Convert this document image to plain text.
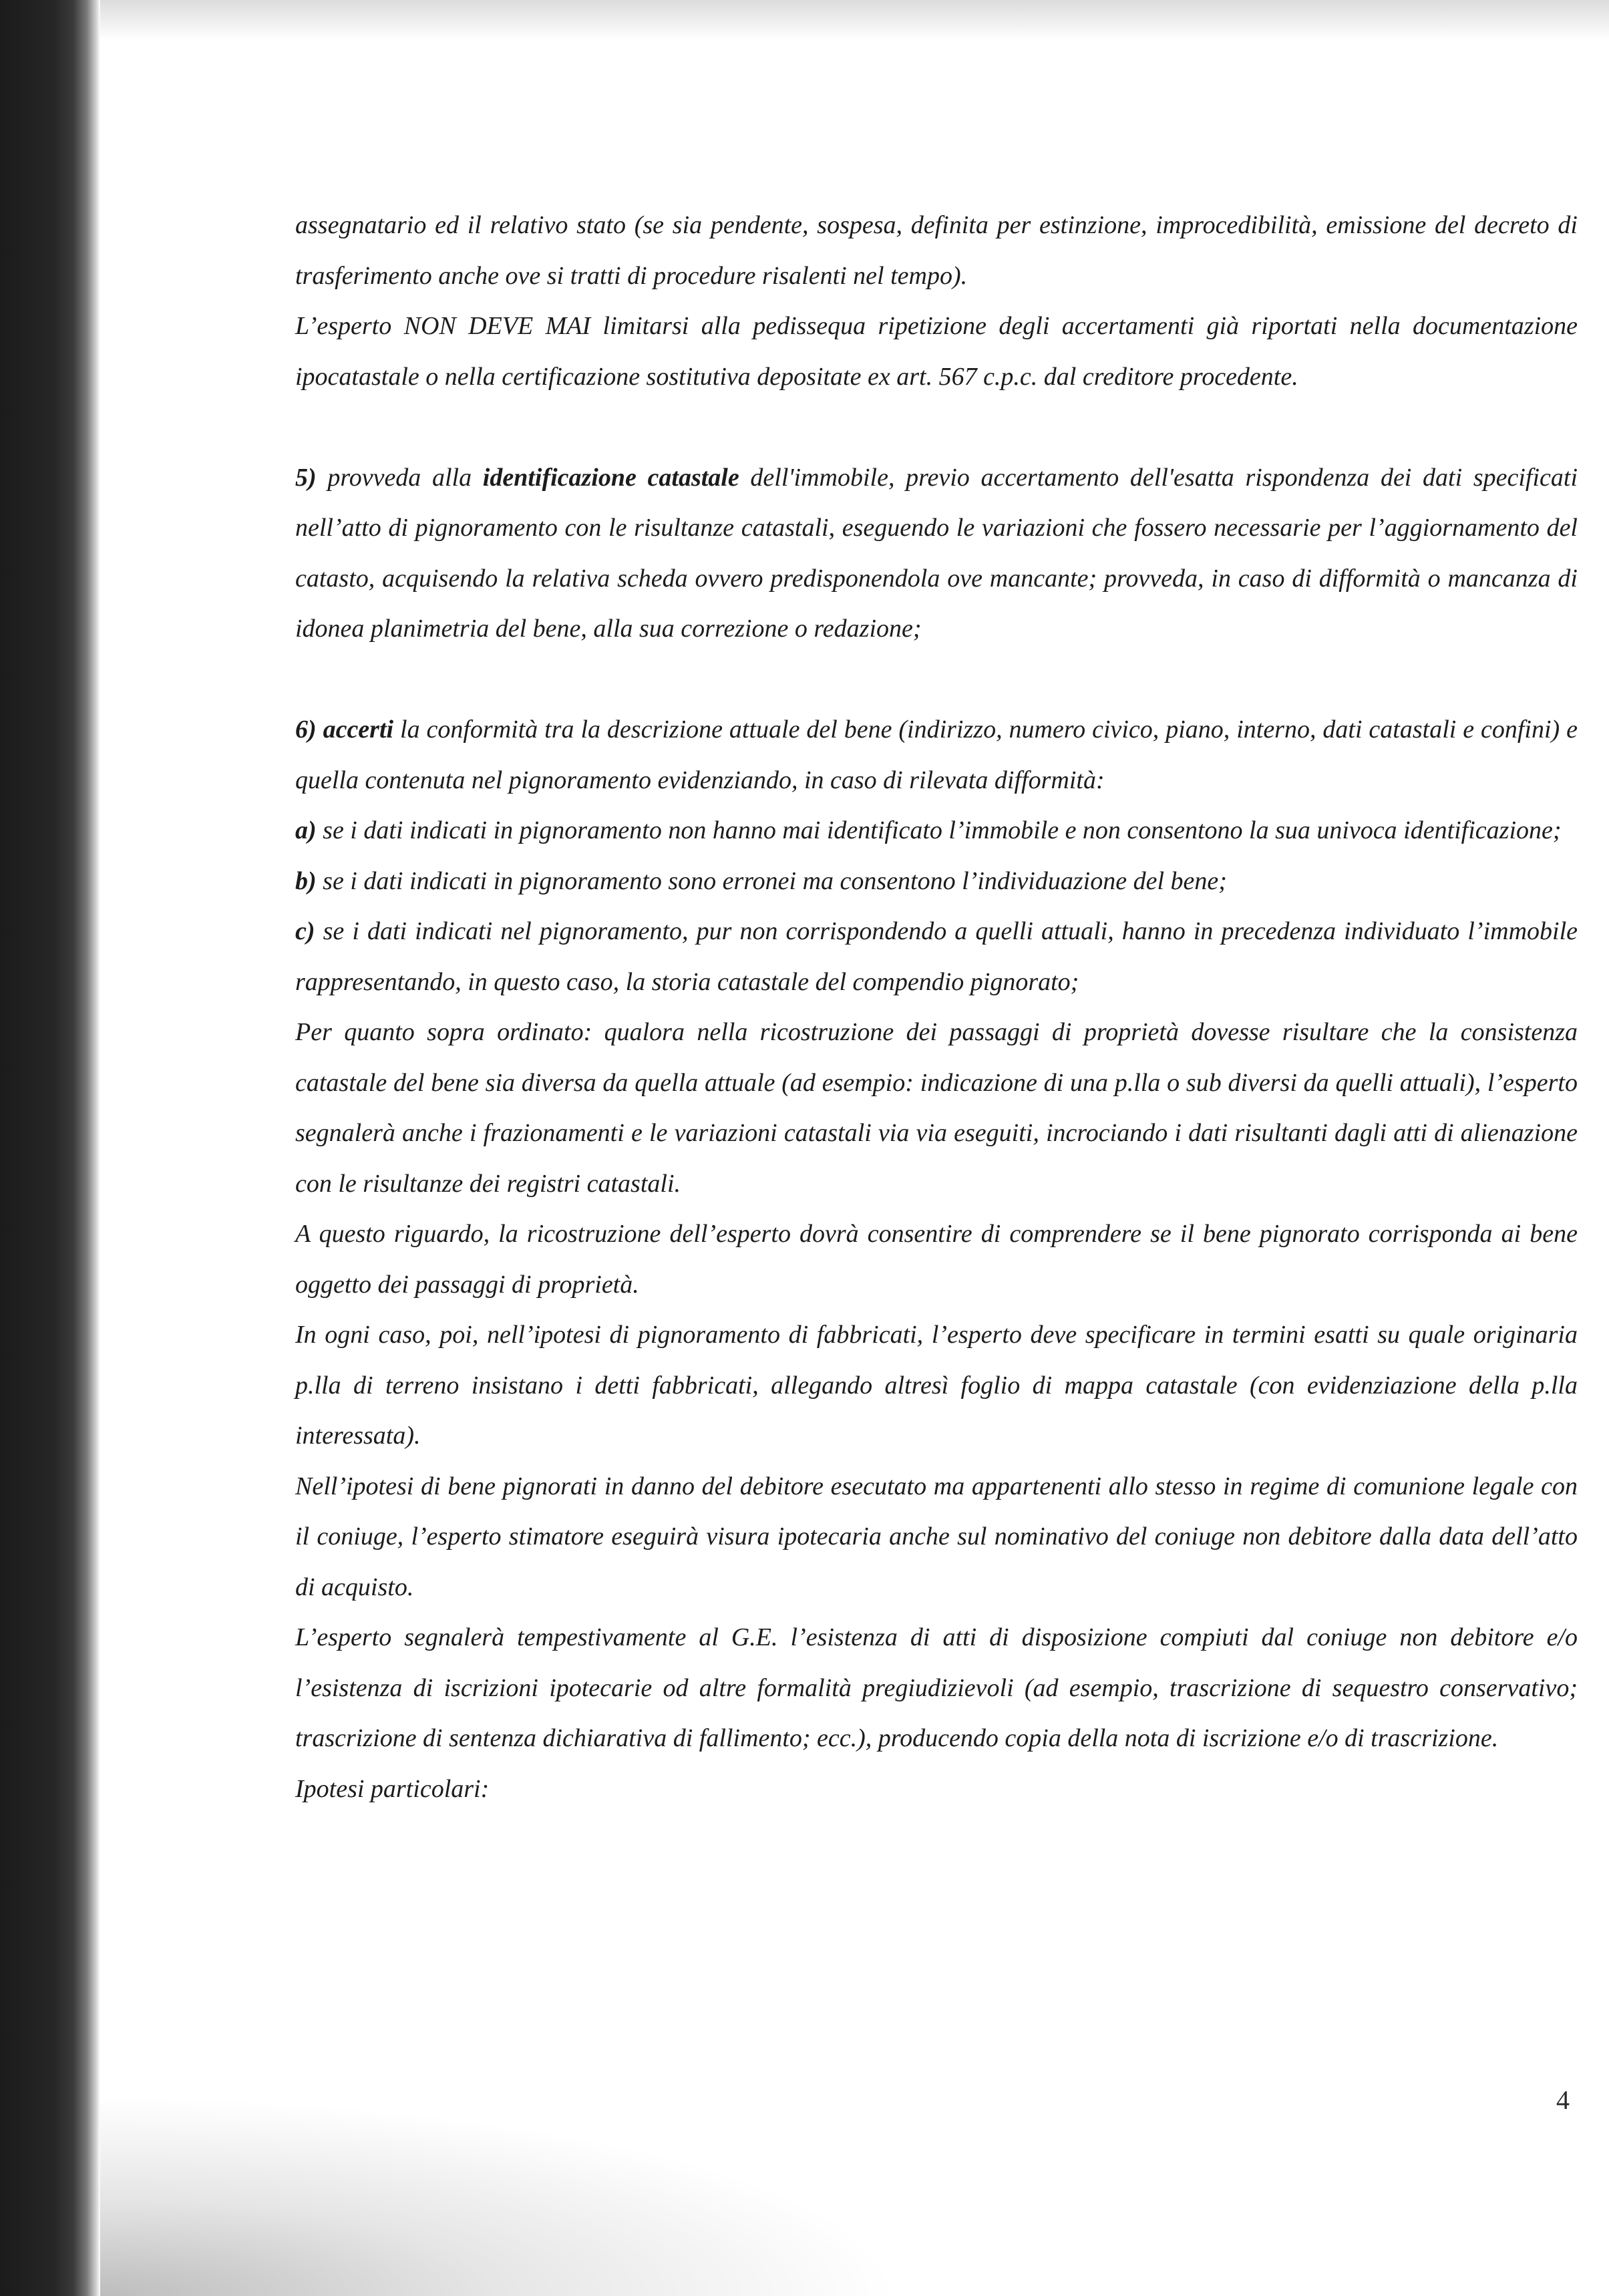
assegnatario ed il relativo stato (se sia pendente, sospesa, definita per estinzione, improcedibilità, emissione del decreto di trasferimento anche ove si tratti di procedure risalenti nel tempo).

L’esperto NON DEVE MAI limitarsi alla pedissequa ripetizione degli accertamenti già riportati nella documentazione ipocatastale o nella certificazione sostitutiva depositate ex art. 567 c.p.c. dal creditore procedente.

5) provveda alla identificazione catastale dell'immobile, previo accertamento dell'esatta rispondenza dei dati specificati nell’atto di pignoramento con le risultanze catastali, eseguendo le variazioni che fossero necessarie per l’aggiornamento del catasto, acquisendo la relativa scheda ovvero predisponendola ove mancante; provveda, in caso di difformità o mancanza di idonea planimetria del bene, alla sua correzione o redazione;

6) accerti la conformità tra la descrizione attuale del bene (indirizzo, numero civico, piano, interno, dati catastali e confini) e quella contenuta nel pignoramento evidenziando, in caso di rilevata difformità:

a) se i dati indicati in pignoramento non hanno mai identificato l’immobile e non consentono la sua univoca identificazione;

b) se i dati indicati in pignoramento sono erronei ma consentono l’individuazione del bene;

c) se i dati indicati nel pignoramento, pur non corrispondendo a quelli attuali, hanno in precedenza individuato l’immobile rappresentando, in questo caso, la storia catastale del compendio pignorato;

Per quanto sopra ordinato: qualora nella ricostruzione dei passaggi di proprietà dovesse risultare che la consistenza catastale del bene sia diversa da quella attuale (ad esempio: indicazione di una p.lla o sub diversi da quelli attuali), l’esperto segnalerà anche i frazionamenti e le variazioni catastali via via eseguiti, incrociando i dati risultanti dagli atti di alienazione con le risultanze dei registri catastali.

A questo riguardo, la ricostruzione dell’esperto dovrà consentire di comprendere se il bene pignorato corrisponda ai bene oggetto dei passaggi di proprietà.

In ogni caso, poi, nell’ipotesi di pignoramento di fabbricati, l’esperto deve specificare in termini esatti su quale originaria p.lla di terreno insistano i detti fabbricati, allegando altresì foglio di mappa catastale (con evidenziazione della p.lla interessata).

Nell’ipotesi di bene pignorati in danno del debitore esecutato ma appartenenti allo stesso in regime di comunione legale con il coniuge, l’esperto stimatore eseguirà visura ipotecaria anche sul nominativo del coniuge non debitore dalla data dell’atto di acquisto.

L’esperto segnalerà tempestivamente al G.E. l’esistenza di atti di disposizione compiuti dal coniuge non debitore e/o l’esistenza di iscrizioni ipotecarie od altre formalità pregiudizievoli (ad esempio, trascrizione di sequestro conservativo; trascrizione di sentenza dichiarativa di fallimento; ecc.), producendo copia della nota di iscrizione e/o di trascrizione.

Ipotesi particolari:

4
